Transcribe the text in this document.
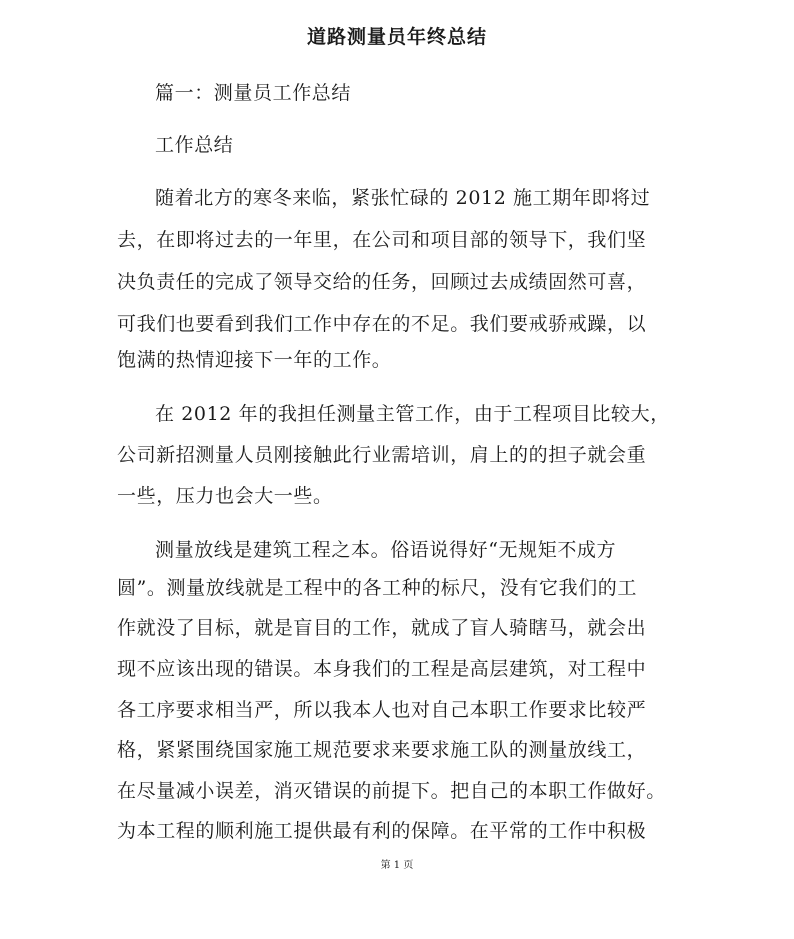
道路测量员年终总结
篇一：测量员工作总结
工作总结
随着北方的寒冬来临，紧张忙碌的 2012 施工期年即将过
去，在即将过去的一年里，在公司和项目部的领导下，我们坚
决负责任的完成了领导交给的任务，回顾过去成绩固然可喜，
可我们也要看到我们工作中存在的不足。我们要戒骄戒躁，以
饱满的热情迎接下一年的工作。
在 2012 年的我担任测量主管工作，由于工程项目比较大，
公司新招测量人员刚接触此行业需培训，肩上的的担子就会重
一些，压力也会大一些。
测量放线是建筑工程之本。俗语说得好“无规矩不成方
圆”。测量放线就是工程中的各工种的标尺，没有它我们的工
作就没了目标，就是盲目的工作，就成了盲人骑瞎马，就会出
现不应该出现的错误。本身我们的工程是高层建筑，对工程中
各工序要求相当严，所以我本人也对自己本职工作要求比较严
格，紧紧围绕国家施工规范要求来要求施工队的测量放线工，
在尽量减小误差，消灭错误的前提下。把自己的本职工作做好。
为本工程的顺利施工提供最有利的保障。在平常的工作中积极
第 1 页
